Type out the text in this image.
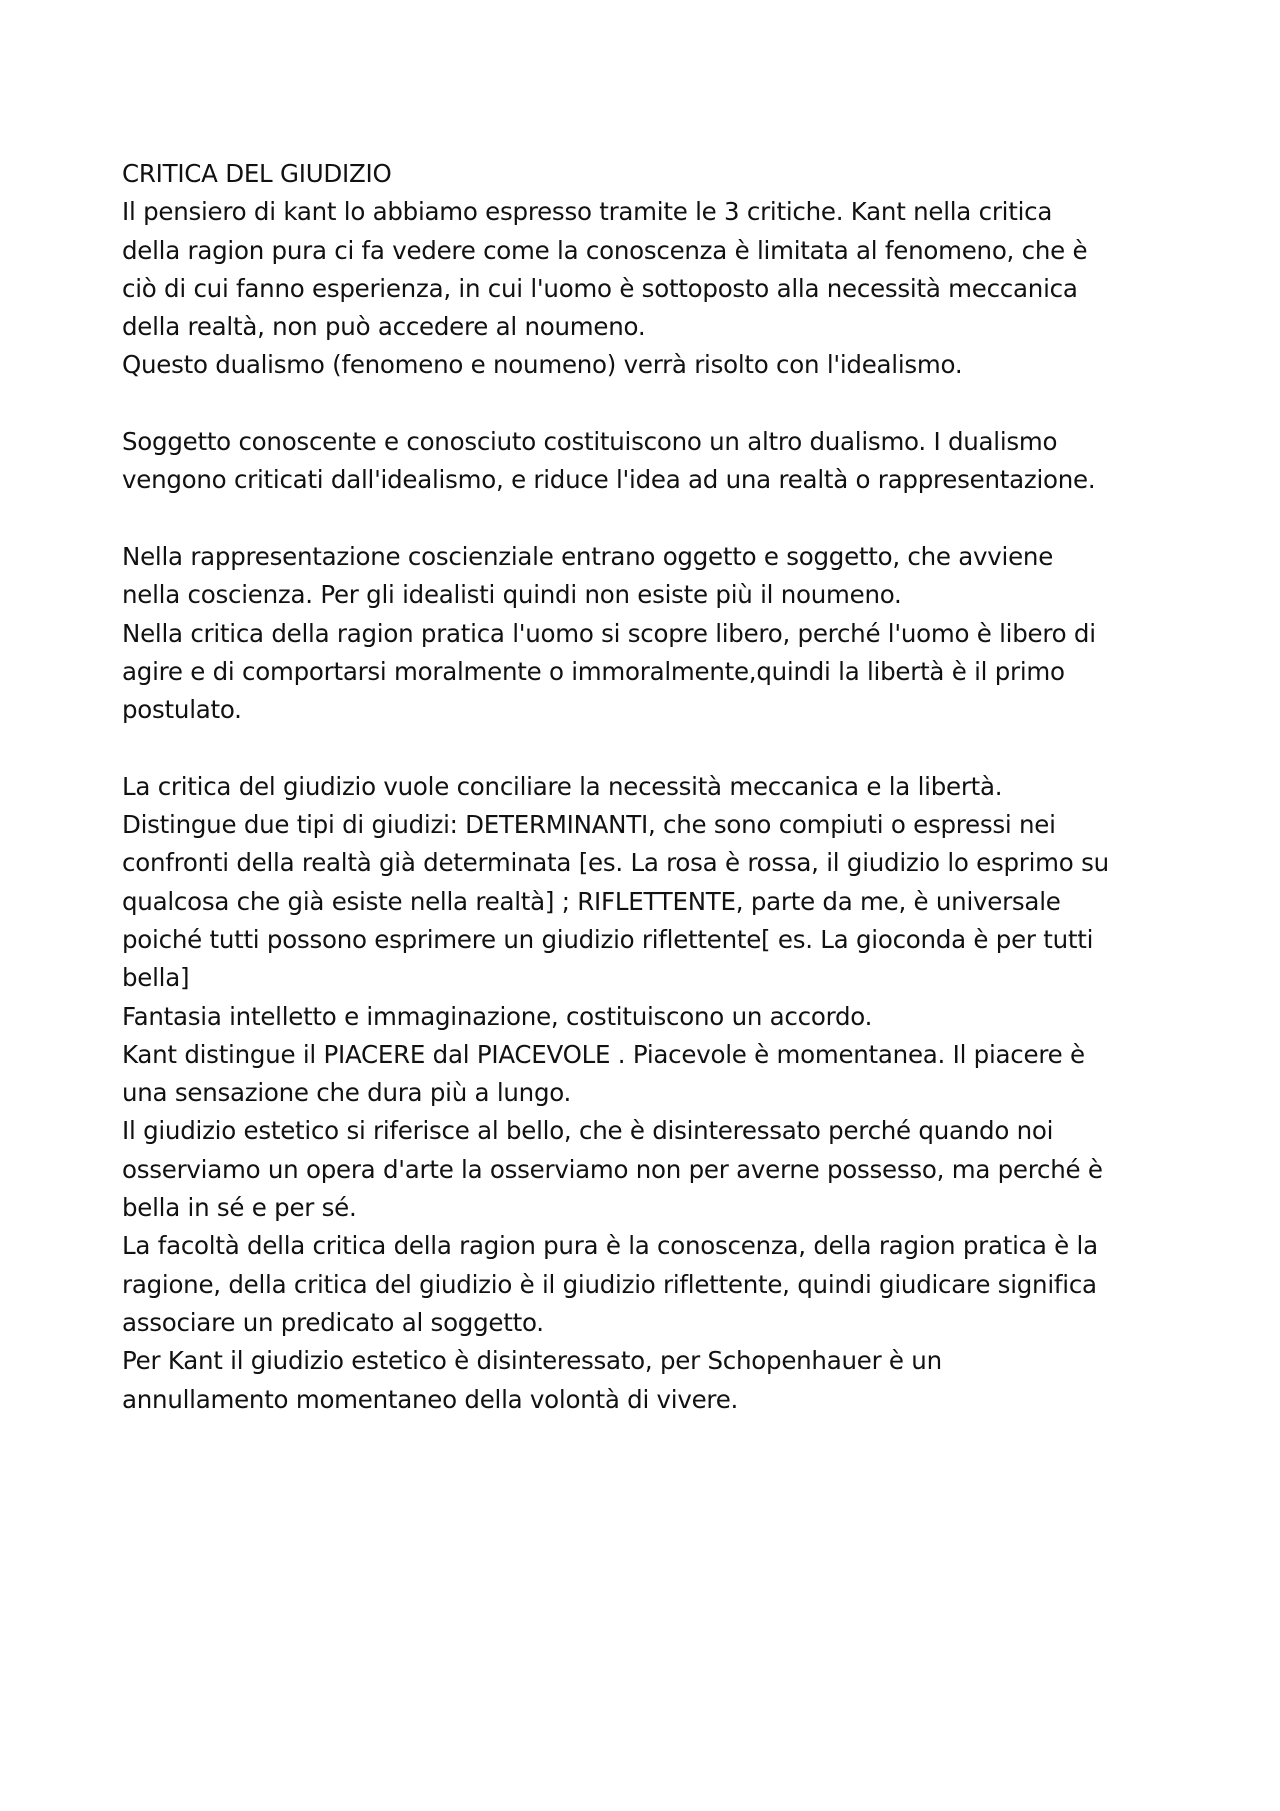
CRITICA DEL GIUDIZIO
Il pensiero di kant lo abbiamo espresso tramite le 3 critiche. Kant nella critica
della ragion pura ci fa vedere come la conoscenza è limitata al fenomeno, che è
ciò di cui fanno esperienza, in cui l'uomo è sottoposto alla necessità meccanica
della realtà, non può accedere al noumeno.
Questo dualismo (fenomeno e noumeno) verrà risolto con l'idealismo.
Soggetto conoscente e conosciuto costituiscono un altro dualismo. I dualismo
vengono criticati dall'idealismo, e riduce l'idea ad una realtà o rappresentazione.
Nella rappresentazione coscienziale entrano oggetto e soggetto, che avviene
nella coscienza. Per gli idealisti quindi non esiste più il noumeno.
Nella critica della ragion pratica l'uomo si scopre libero, perché l'uomo è libero di
agire e di comportarsi moralmente o immoralmente,quindi la libertà è il primo
postulato.
La critica del giudizio vuole conciliare la necessità meccanica e la libertà.
Distingue due tipi di giudizi: DETERMINANTI, che sono compiuti o espressi nei
confronti della realtà già determinata [es. La rosa è rossa, il giudizio lo esprimo su
qualcosa che già esiste nella realtà] ; RIFLETTENTE, parte da me, è universale
poiché tutti possono esprimere un giudizio riflettente[ es. La gioconda è per tutti
bella]
Fantasia intelletto e immaginazione, costituiscono un accordo.
Kant distingue il PIACERE dal PIACEVOLE . Piacevole è momentanea. Il piacere è
una sensazione che dura più a lungo.
Il giudizio estetico si riferisce al bello, che è disinteressato perché quando noi
osserviamo un opera d'arte la osserviamo non per averne possesso, ma perché è
bella in sé e per sé.
La facoltà della critica della ragion pura è la conoscenza, della ragion pratica è la
ragione, della critica del giudizio è il giudizio riflettente, quindi giudicare significa
associare un predicato al soggetto.
Per Kant il giudizio estetico è disinteressato, per Schopenhauer è un
annullamento momentaneo della volontà di vivere.
